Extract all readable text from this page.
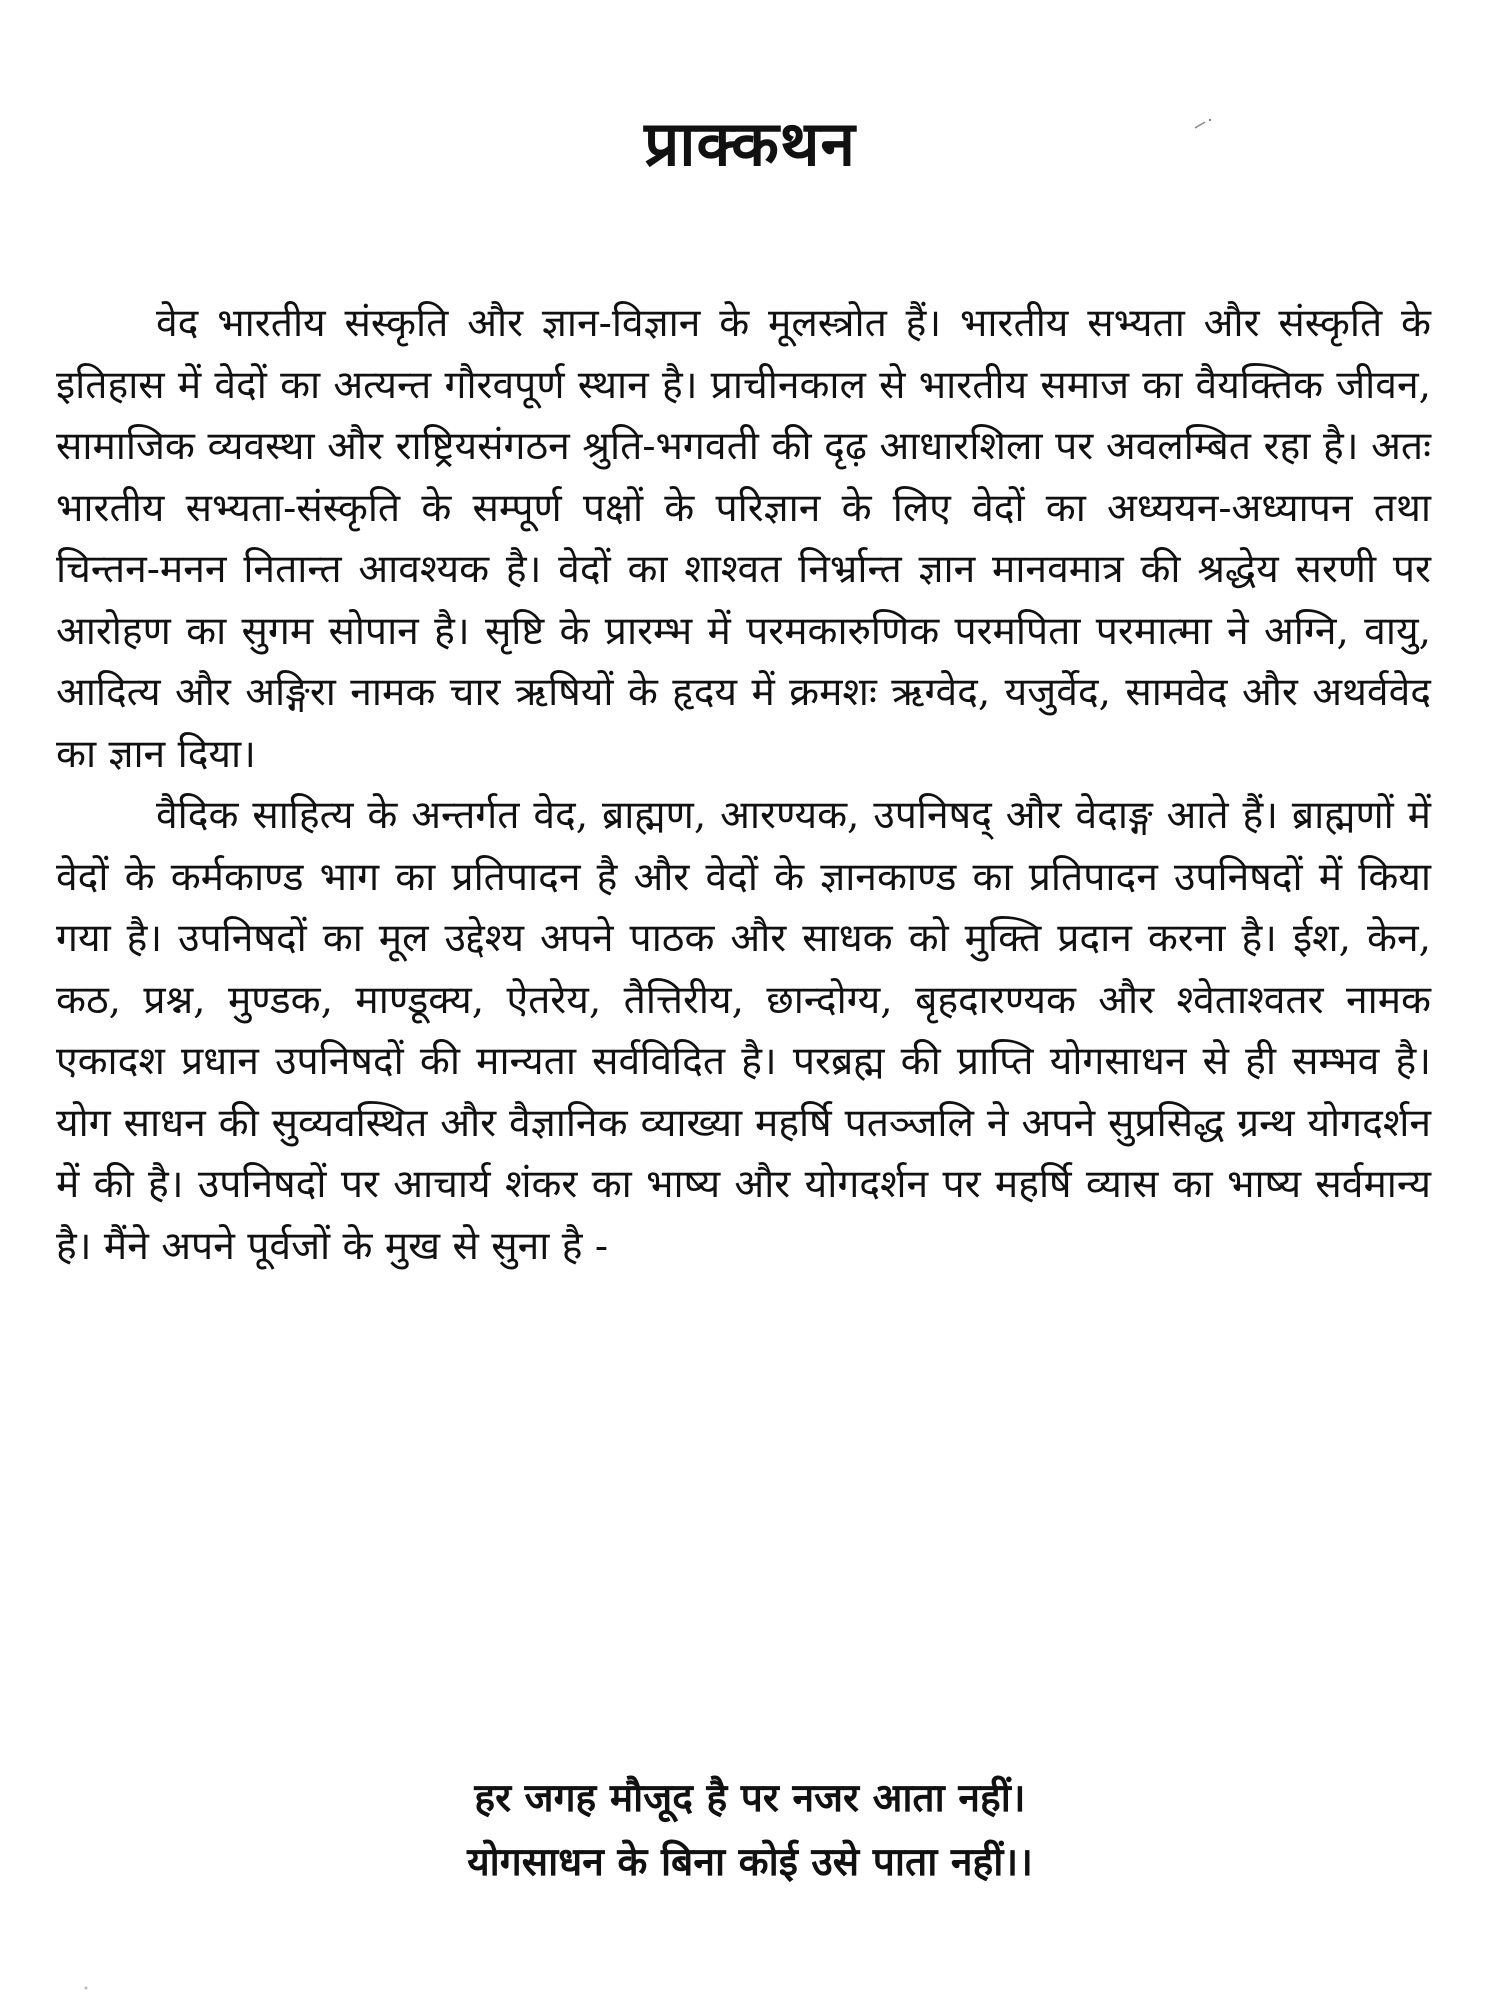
प्राक्कथन

वेद भारतीय संस्कृति और ज्ञान-विज्ञान के मूलस्त्रोत हैं। भारतीय सभ्यता और संस्कृति के इतिहास में वेदों का अत्यन्त गौरवपूर्ण स्थान है। प्राचीनकाल से भारतीय समाज का वैयक्तिक जीवन, सामाजिक व्यवस्था और राष्ट्रियसंगठन श्रुति-भगवती की दृढ़ आधारशिला पर अवलम्बित रहा है। अतः भारतीय सभ्यता-संस्कृति के सम्पूर्ण पक्षों के परिज्ञान के लिए वेदों का अध्ययन-अध्यापन तथा चिन्तन-मनन नितान्त आवश्यक है। वेदों का शाश्वत निर्भ्रान्त ज्ञान मानवमात्र की श्रद्धेय सरणी पर आरोहण का सुगम सोपान है। सृष्टि के प्रारम्भ में परमकारुणिक परमपिता परमात्मा ने अग्नि, वायु, आदित्य और अङ्गिरा नामक चार ऋषियों के हृदय में क्रमशः ऋग्वेद, यजुर्वेद, सामवेद और अथर्ववेद का ज्ञान दिया।

वैदिक साहित्य के अन्तर्गत वेद, ब्राह्मण, आरण्यक, उपनिषद् और वेदाङ्ग आते हैं। ब्राह्मणों में वेदों के कर्मकाण्ड भाग का प्रतिपादन है और वेदों के ज्ञानकाण्ड का प्रतिपादन उपनिषदों में किया गया है। उपनिषदों का मूल उद्देश्य अपने पाठक और साधक को मुक्ति प्रदान करना है। ईश, केन, कठ, प्रश्न, मुण्डक, माण्डूक्य, ऐतरेय, तैत्तिरीय, छान्दोग्य, बृहदारण्यक और श्वेताश्वतर नामक एकादश प्रधान उपनिषदों की मान्यता सर्वविदित है। परब्रह्म की प्राप्ति योगसाधन से ही सम्भव है। योग साधन की सुव्यवस्थित और वैज्ञानिक व्याख्या महर्षि पतञ्जलि ने अपने सुप्रसिद्ध ग्रन्थ योगदर्शन में की है। उपनिषदों पर आचार्य शंकर का भाष्य और योगदर्शन पर महर्षि व्यास का भाष्य सर्वमान्य है। मैंने अपने पूर्वजों के मुख से सुना है -

हर जगह मौजूद है पर नजर आता नहीं।
योगसाधन के बिना कोई उसे पाता नहीं।।
